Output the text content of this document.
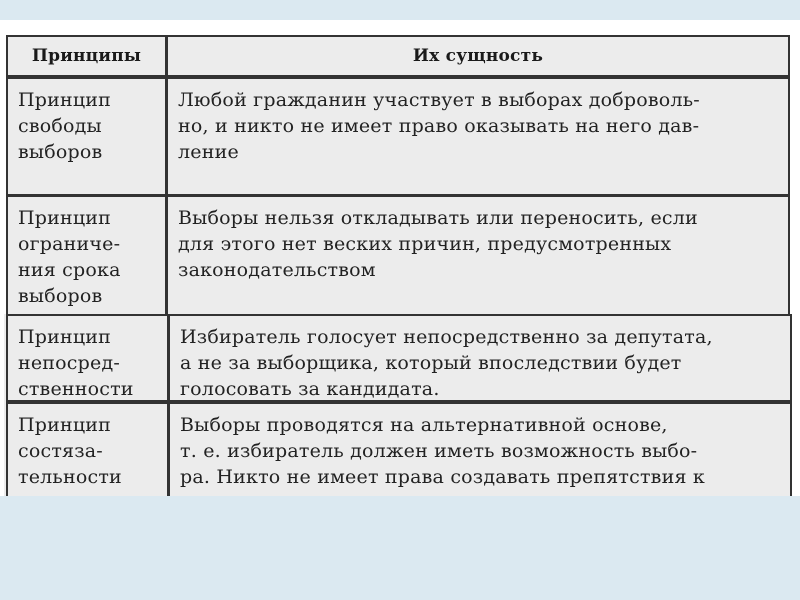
Принципы	Их сущность
Принцип
свободы
выборов
Любой гражданин участвует в выборах доброволь-
но, и никто не имеет право оказывать на него дав-
ление
Принцип
ограниче-
ния срока
выборов
Выборы нельзя откладывать или переносить, если
для этого нет веских причин, предусмотренных
законодательством
Принцип
непосред-
ственности
Избиратель голосует непосредственно за депутата,
а не за выборщика, который впоследствии будет
голосовать за кандидата.
Принцип
состяза-
тельности
Выборы проводятся на альтернативной основе,
т. е. избиратель должен иметь возможность выбо-
ра. Никто не имеет права создавать препятствия к
